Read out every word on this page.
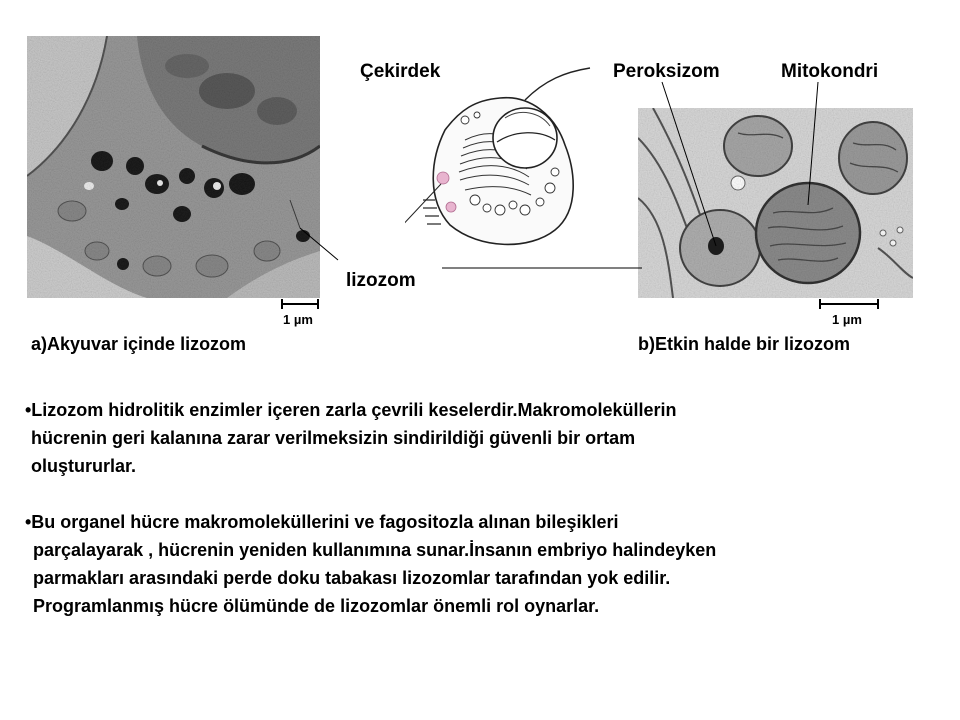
1 µm	1 µm
Çekirdek	Peroksizom	Mitokondri
lizozom
a)Akyuvar içinde lizozom	b)Etkin halde bir lizozom
•Lizozom hidrolitik enzimler içeren zarla çevrili keselerdir.Makromoleküllerin
hücrenin geri kalanına zarar verilmeksizin sindirildiği güvenli bir ortam
oluştururlar.
•Bu organel hücre makromoleküllerini ve fagositozla alınan bileşikleri
parçalayarak , hücrenin yeniden kullanımına sunar.İnsanın embriyo halindeyken
parmakları arasındaki perde doku tabakası lizozomlar tarafından yok edilir.
Programlanmış hücre ölümünde de lizozomlar önemli rol oynarlar.
